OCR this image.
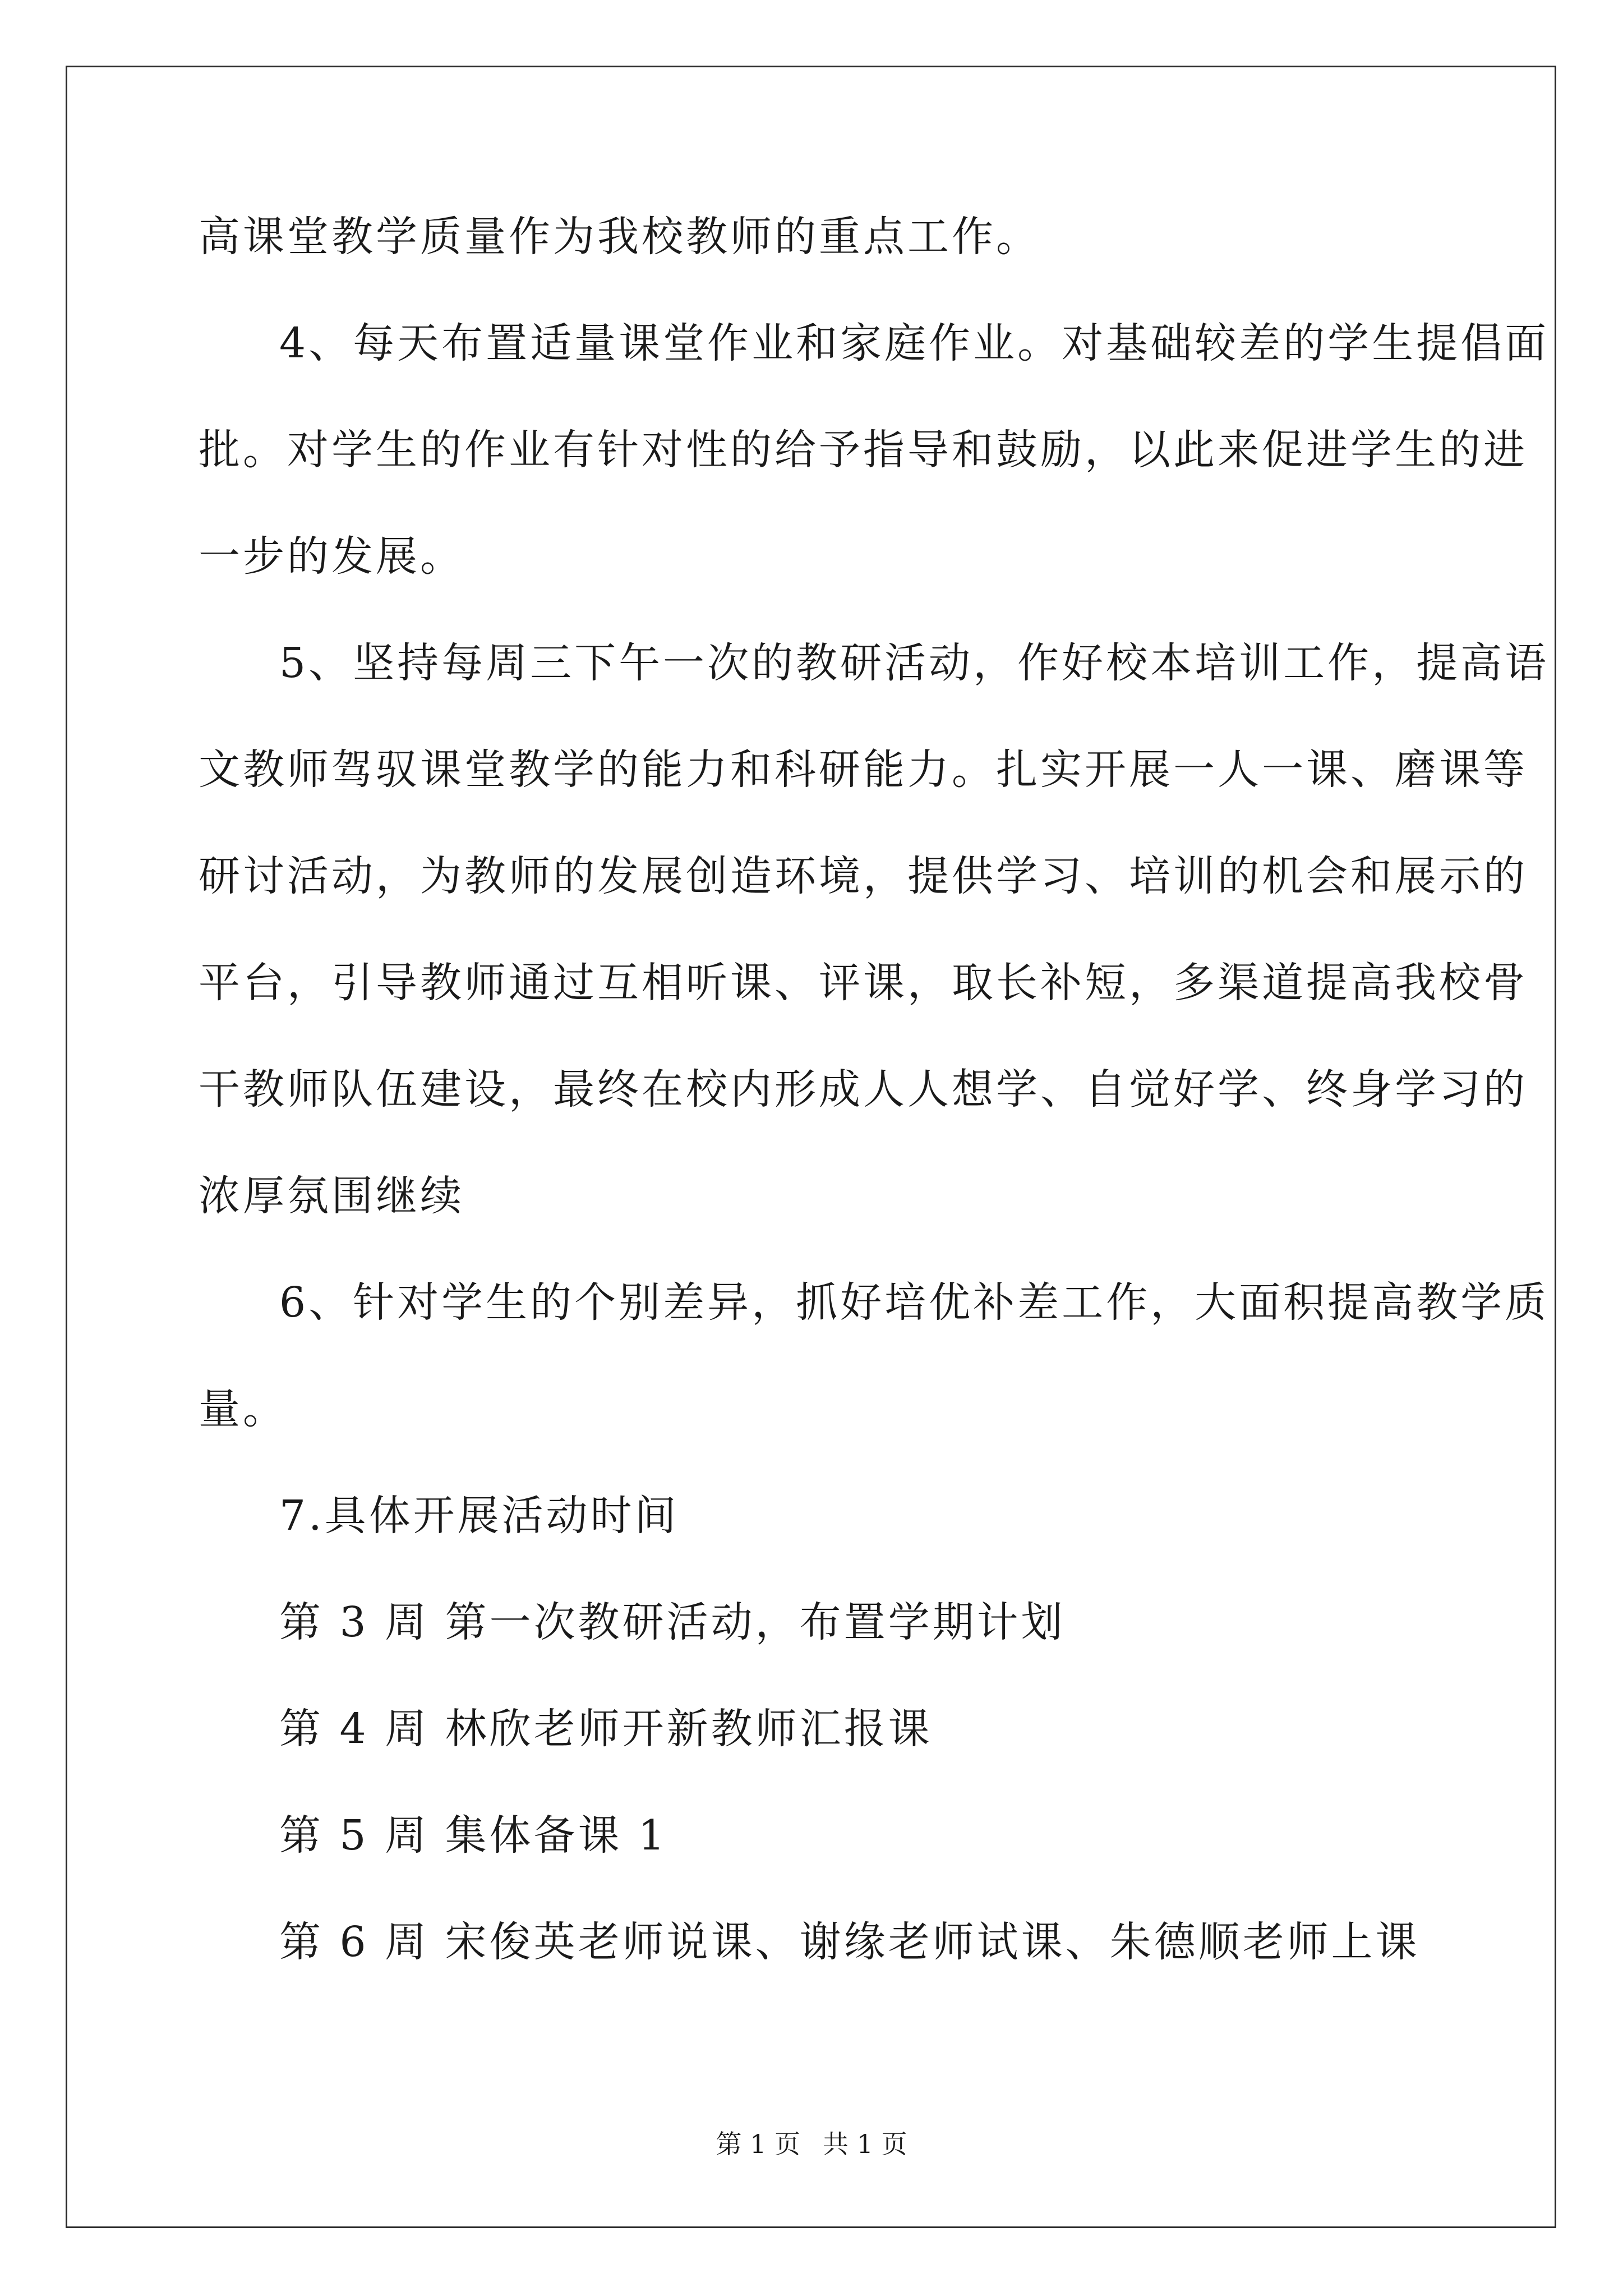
高课堂教学质量作为我校教师的重点工作。
4、每天布置适量课堂作业和家庭作业。对基础较差的学生提倡面
批。对学生的作业有针对性的给予指导和鼓励，以此来促进学生的进
一步的发展。
5、坚持每周三下午一次的教研活动，作好校本培训工作，提高语
文教师驾驭课堂教学的能力和科研能力。扎实开展一人一课、磨课等
研讨活动，为教师的发展创造环境，提供学习、培训的机会和展示的
平台，引导教师通过互相听课、评课，取长补短，多渠道提高我校骨
干教师队伍建设，最终在校内形成人人想学、自觉好学、终身学习的
浓厚氛围继续
6、针对学生的个别差异，抓好培优补差工作，大面积提高教学质
量。
7.具体开展活动时间
第 3 周 第一次教研活动，布置学期计划
第 4 周 林欣老师开新教师汇报课
第 5 周 集体备课 1
第 6 周 宋俊英老师说课、谢缘老师试课、朱德顺老师上课
第 1 页 共 1 页
